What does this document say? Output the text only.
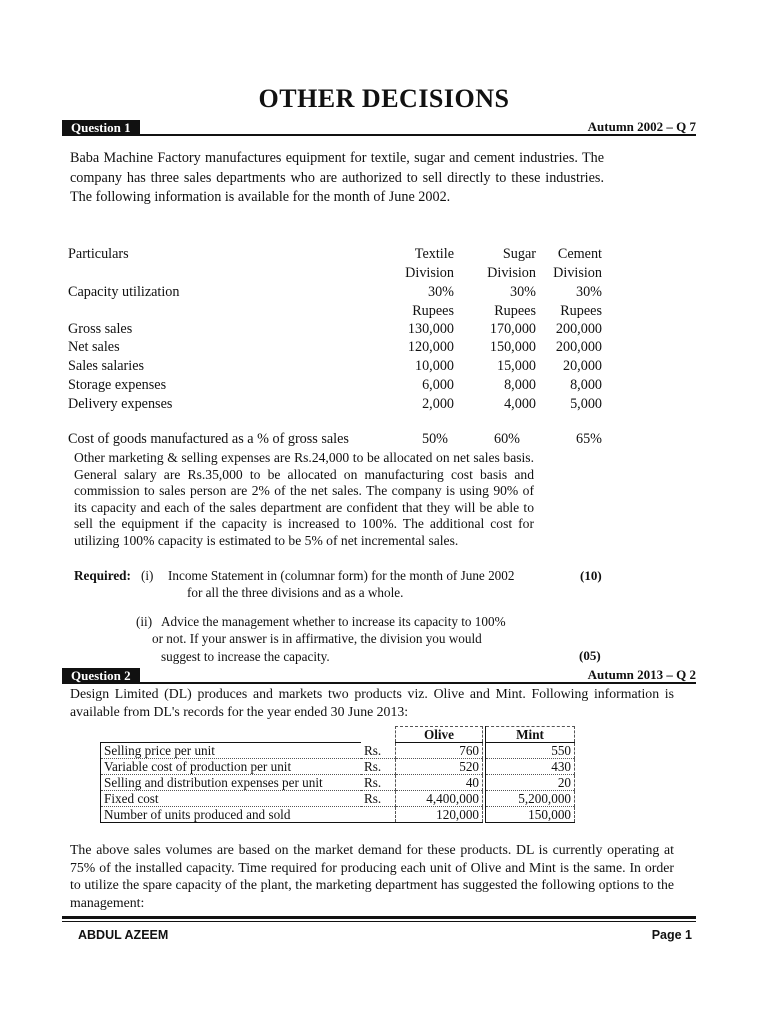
OTHER DECISIONS
Question 1	Autumn 2002 – Q 7

Baba Machine Factory manufactures equipment for textile, sugar and cement industries. The company has three sales departments who are authorized to sell directly to these industries. The following information is available for the month of June 2002.

Particulars	Textile	Sugar	Cement
Division	Division	Division
Capacity utilization	30%	30%	30%
Rupees	Rupees	Rupees
Gross sales	130,000	170,000	200,000
Net sales	120,000	150,000	200,000
Sales salaries	10,000	15,000	20,000
Storage expenses	6,000	8,000	8,000
Delivery expenses	2,000	4,000	5,000
Cost of goods manufactured as a % of gross sales	50%	60%	65%

Other marketing & selling expenses are Rs.24,000 to be allocated on net sales basis. General salary are Rs.35,000 to be allocated on manufacturing cost basis and commission to sales person are 2% of the net sales. The company is using 90% of its capacity and each of the sales department are confident that they will be able to sell the equipment if the capacity is increased to 100%. The additional cost for utilizing 100% capacity is estimated to be 5% of net incremental sales.

Required: (i) Income Statement in (columnar form) for the month of June 2002
for all the three divisions and as a whole.
(10)
(ii) Advice the management whether to increase its capacity to 100%
or not. If your answer is in affirmative, the division you would
suggest to increase the capacity.	(05)
Question 2	Autumn 2013 – Q 2

Design Limited (DL) produces and markets two products viz. Olive and Mint. Following information is available from DL's records for the year ended 30 June 2013:

		Olive		Mint
Selling price per unit	Rs.	760		550
Variable cost of production per unit	Rs.	520		430
Selling and distribution expenses per unit	Rs.	40		20
Fixed cost	Rs.	4,400,000		5,200,000
Number of units produced and sold		120,000		150,000

The above sales volumes are based on the market demand for these products. DL is currently operating at 75% of the installed capacity. Time required for producing each unit of Olive and Mint is the same. In order to utilize the spare capacity of the plant, the marketing department has suggested the following options to the management:

ABDUL AZEEM	Page 1
